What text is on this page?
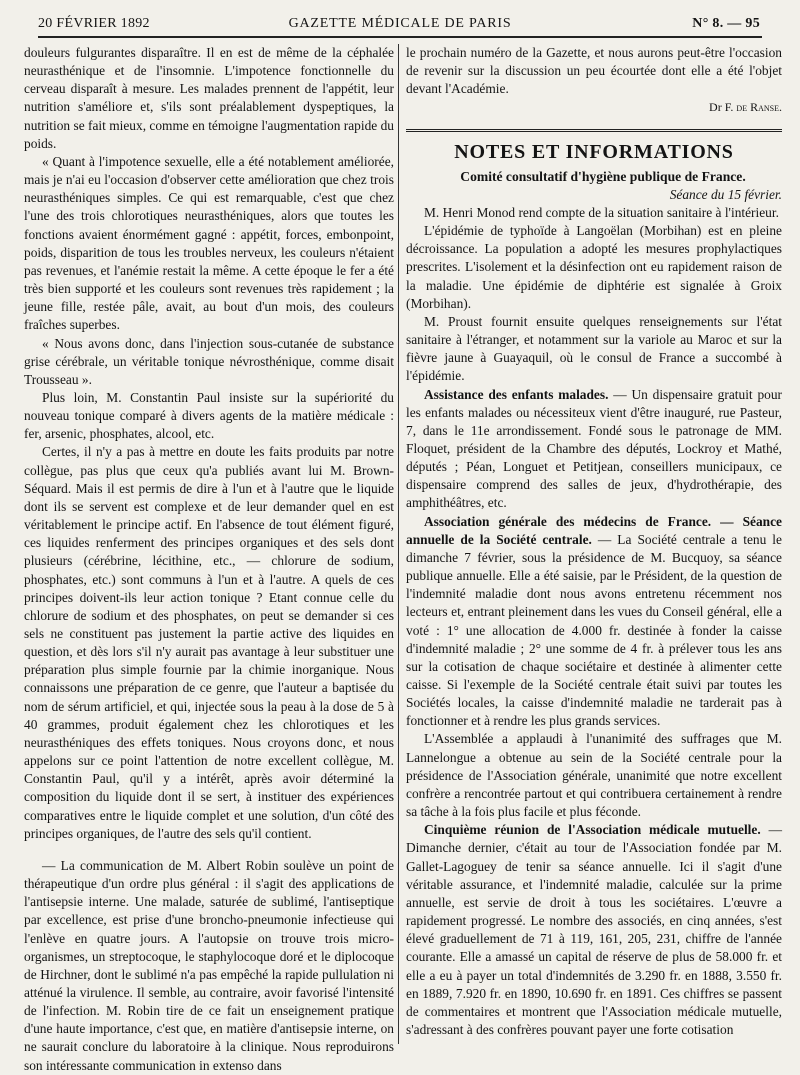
20 FÉVRIER 1892	GAZETTE MÉDICALE DE PARIS	N° 8. — 95

douleurs fulgurantes disparaître. Il en est de même de la céphalée neurasthénique et de l'insomnie. L'impotence fonctionnelle du cerveau disparaît à mesure. Les malades prennent de l'appétit, leur nutrition s'améliore et, s'ils sont préalablement dyspeptiques, la nutrition se fait mieux, comme en témoigne l'augmentation rapide du poids.

« Quant à l'impotence sexuelle, elle a été notablement améliorée, mais je n'ai eu l'occasion d'observer cette amélioration que chez trois neurasthéniques simples. Ce qui est remarquable, c'est que chez l'une des trois chlorotiques neurasthéniques, alors que toutes les fonctions avaient énormément gagné : appétit, forces, embonpoint, poids, disparition de tous les troubles nerveux, les couleurs n'étaient pas revenues, et l'anémie restait la même. A cette époque le fer a été très bien supporté et les couleurs sont revenues très rapidement ; la jeune fille, restée pâle, avait, au bout d'un mois, des couleurs fraîches superbes.

« Nous avons donc, dans l'injection sous-cutanée de substance grise cérébrale, un véritable tonique névrosthénique, comme disait Trousseau ».

Plus loin, M. Constantin Paul insiste sur la supériorité du nouveau tonique comparé à divers agents de la matière médicale : fer, arsenic, phosphates, alcool, etc.

Certes, il n'y a pas à mettre en doute les faits produits par notre collègue, pas plus que ceux qu'a publiés avant lui M. Brown-Séquard. Mais il est permis de dire à l'un et à l'autre que le liquide dont ils se servent est complexe et de leur demander quel en est véritablement le principe actif. En l'absence de tout élément figuré, ces liquides renferment des principes organiques et des sels dont plusieurs (cérébrine, lécithine, etc., — chlorure de sodium, phosphates, etc.) sont communs à l'un et à l'autre. A quels de ces principes doivent-ils leur action tonique ? Etant connue celle du chlorure de sodium et des phosphates, on peut se demander si ces sels ne constituent pas justement la partie active des liquides en question, et dès lors s'il n'y aurait pas avantage à leur substituer une préparation plus simple fournie par la chimie inorganique. Nous connaissons une préparation de ce genre, que l'auteur a baptisée du nom de sérum artificiel, et qui, injectée sous la peau à la dose de 5 à 40 grammes, produit également chez les chlorotiques et les neurasthéniques des effets toniques. Nous croyons donc, et nous appelons sur ce point l'attention de notre excellent collègue, M. Constantin Paul, qu'il y a intérêt, après avoir déterminé la composition du liquide dont il se sert, à instituer des expériences comparatives entre le liquide complet et une solution, d'un côté des principes organiques, de l'autre des sels qu'il contient.

— La communication de M. Albert Robin soulève un point de thérapeutique d'un ordre plus général : il s'agit des applications de l'antisepsie interne. Une malade, saturée de sublimé, l'antiseptique par excellence, est prise d'une broncho-pneumonie infectieuse qui l'enlève en quatre jours. A l'autopsie on trouve trois micro-organismes, un streptocoque, le staphylocoque doré et le diplocoque de Hirchner, dont le sublimé n'a pas empêché la rapide pullulation ni atténué la virulence. Il semble, au contraire, avoir favorisé l'intensité de l'infection. M. Robin tire de ce fait un enseignement pratique d'une haute importance, c'est que, en matière d'antisepsie interne, on ne saurait conclure du laboratoire à la clinique. Nous reproduirons son intéressante communication in extenso dans

le prochain numéro de la Gazette, et nous aurons peut-être l'occasion de revenir sur la discussion un peu écourtée dont elle a été l'objet devant l'Académie.

Dr F. de Ranse.

NOTES ET INFORMATIONS

Comité consultatif d'hygiène publique de France.

Séance du 15 février.

M. Henri Monod rend compte de la situation sanitaire à l'intérieur.

L'épidémie de typhoïde à Langoëlan (Morbihan) est en pleine décroissance. La population a adopté les mesures prophylactiques prescrites. L'isolement et la désinfection ont eu rapidement raison de la maladie. Une épidémie de diphtérie est signalée à Groix (Morbihan).

M. Proust fournit ensuite quelques renseignements sur l'état sanitaire à l'étranger, et notamment sur la variole au Maroc et sur la fièvre jaune à Guayaquil, où le consul de France a succombé à l'épidémie.

Assistance des enfants malades. — Un dispensaire gratuit pour les enfants malades ou nécessiteux vient d'être inauguré, rue Pasteur, 7, dans le 11e arrondissement. Fondé sous le patronage de MM. Floquet, président de la Chambre des députés, Lockroy et Mathé, députés ; Péan, Longuet et Petitjean, conseillers municipaux, ce dispensaire comprend des salles de jeux, d'hydrothérapie, des amphithéâtres, etc.

Association générale des médecins de France. — Séance annuelle de la Société centrale. — La Société centrale a tenu le dimanche 7 février, sous la présidence de M. Bucquoy, sa séance publique annuelle. Elle a été saisie, par le Président, de la question de l'indemnité maladie dont nous avons entretenu récemment nos lecteurs et, entrant pleinement dans les vues du Conseil général, elle a voté : 1° une allocation de 4.000 fr. destinée à fonder la caisse d'indemnité maladie ; 2° une somme de 4 fr. à prélever tous les ans sur la cotisation de chaque sociétaire et destinée à alimenter cette caisse. Si l'exemple de la Société centrale était suivi par toutes les Sociétés locales, la caisse d'indemnité maladie ne tarderait pas à fonctionner et à rendre les plus grands services.

L'Assemblée a applaudi à l'unanimité des suffrages que M. Lannelongue a obtenue au sein de la Société centrale pour la présidence de l'Association générale, unanimité que notre excellent confrère a rencontrée partout et qui contribuera certainement à rendre sa tâche à la fois plus facile et plus féconde.

Cinquième réunion de l'Association médicale mutuelle. — Dimanche dernier, c'était au tour de l'Association fondée par M. Gallet-Lagoguey de tenir sa séance annuelle. Ici il s'agit d'une véritable assurance, et l'indemnité maladie, calculée sur la prime annuelle, est servie de droit à tous les sociétaires. L'œuvre a rapidement progressé. Le nombre des associés, en cinq années, s'est élevé graduellement de 71 à 119, 161, 205, 231, chiffre de l'année courante. Elle a amassé un capital de réserve de plus de 58.000 fr. et elle a eu à payer un total d'indemnités de 3.290 fr. en 1888, 3.550 fr. en 1889, 7.920 fr. en 1890, 10.690 fr. en 1891. Ces chiffres se passent de commentaires et montrent que l'Association médicale mutuelle, s'adressant à des confrères pouvant payer une forte cotisation
